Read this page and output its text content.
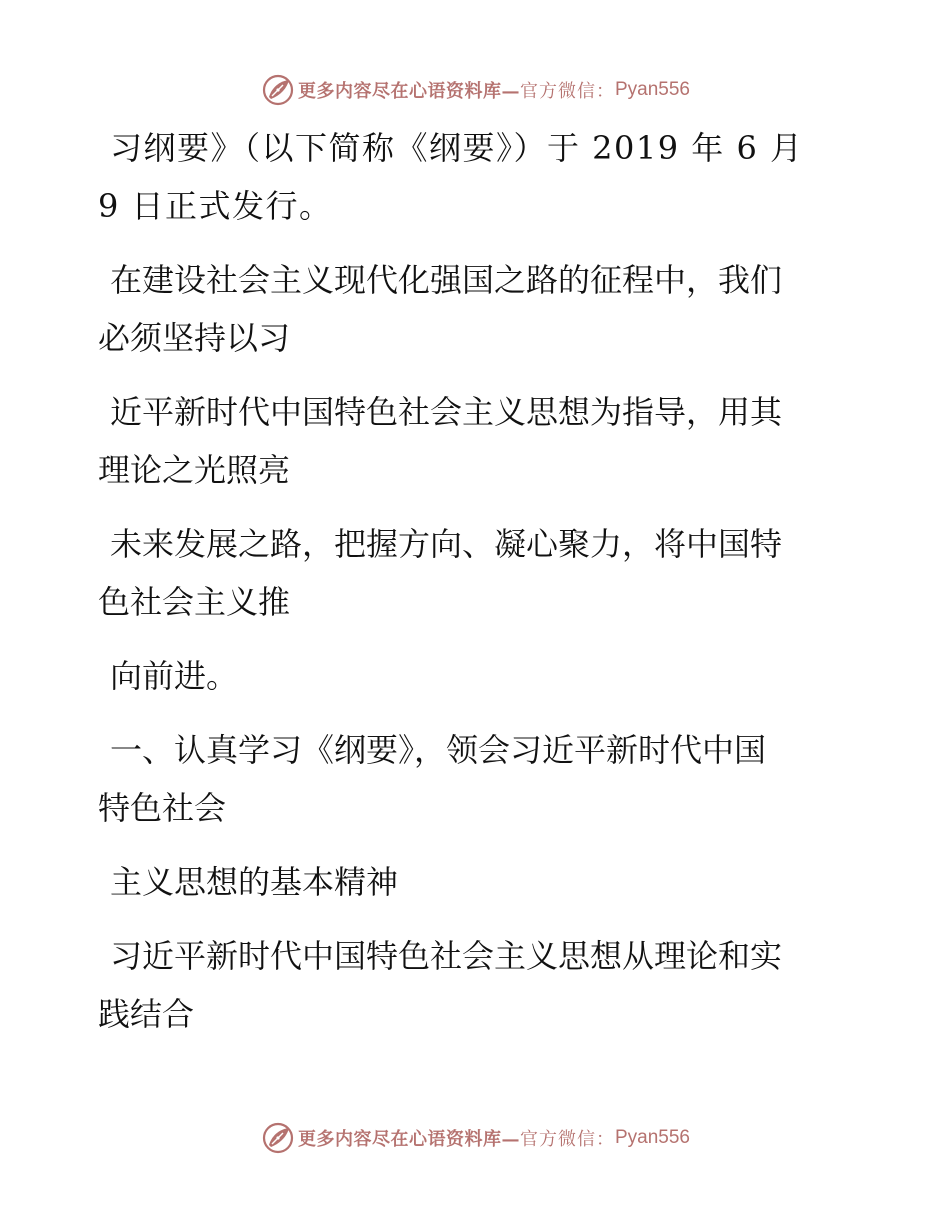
更多内容尽在心语资料库— 官方微信： Pyan556

习纲要》（以下简称《纲要》）于 2019 年 6 月

9 日正式发行。

在建设社会主义现代化强国之路的征程中，我们

必须坚持以习

近平新时代中国特色社会主义思想为指导，用其

理论之光照亮

未来发展之路，把握方向、凝心聚力，将中国特

色社会主义推

向前进。

一、认真学习《纲要》，领会习近平新时代中国

特色社会

主义思想的基本精神

习近平新时代中国特色社会主义思想从理论和实

践结合

更多内容尽在心语资料库— 官方微信： Pyan556
